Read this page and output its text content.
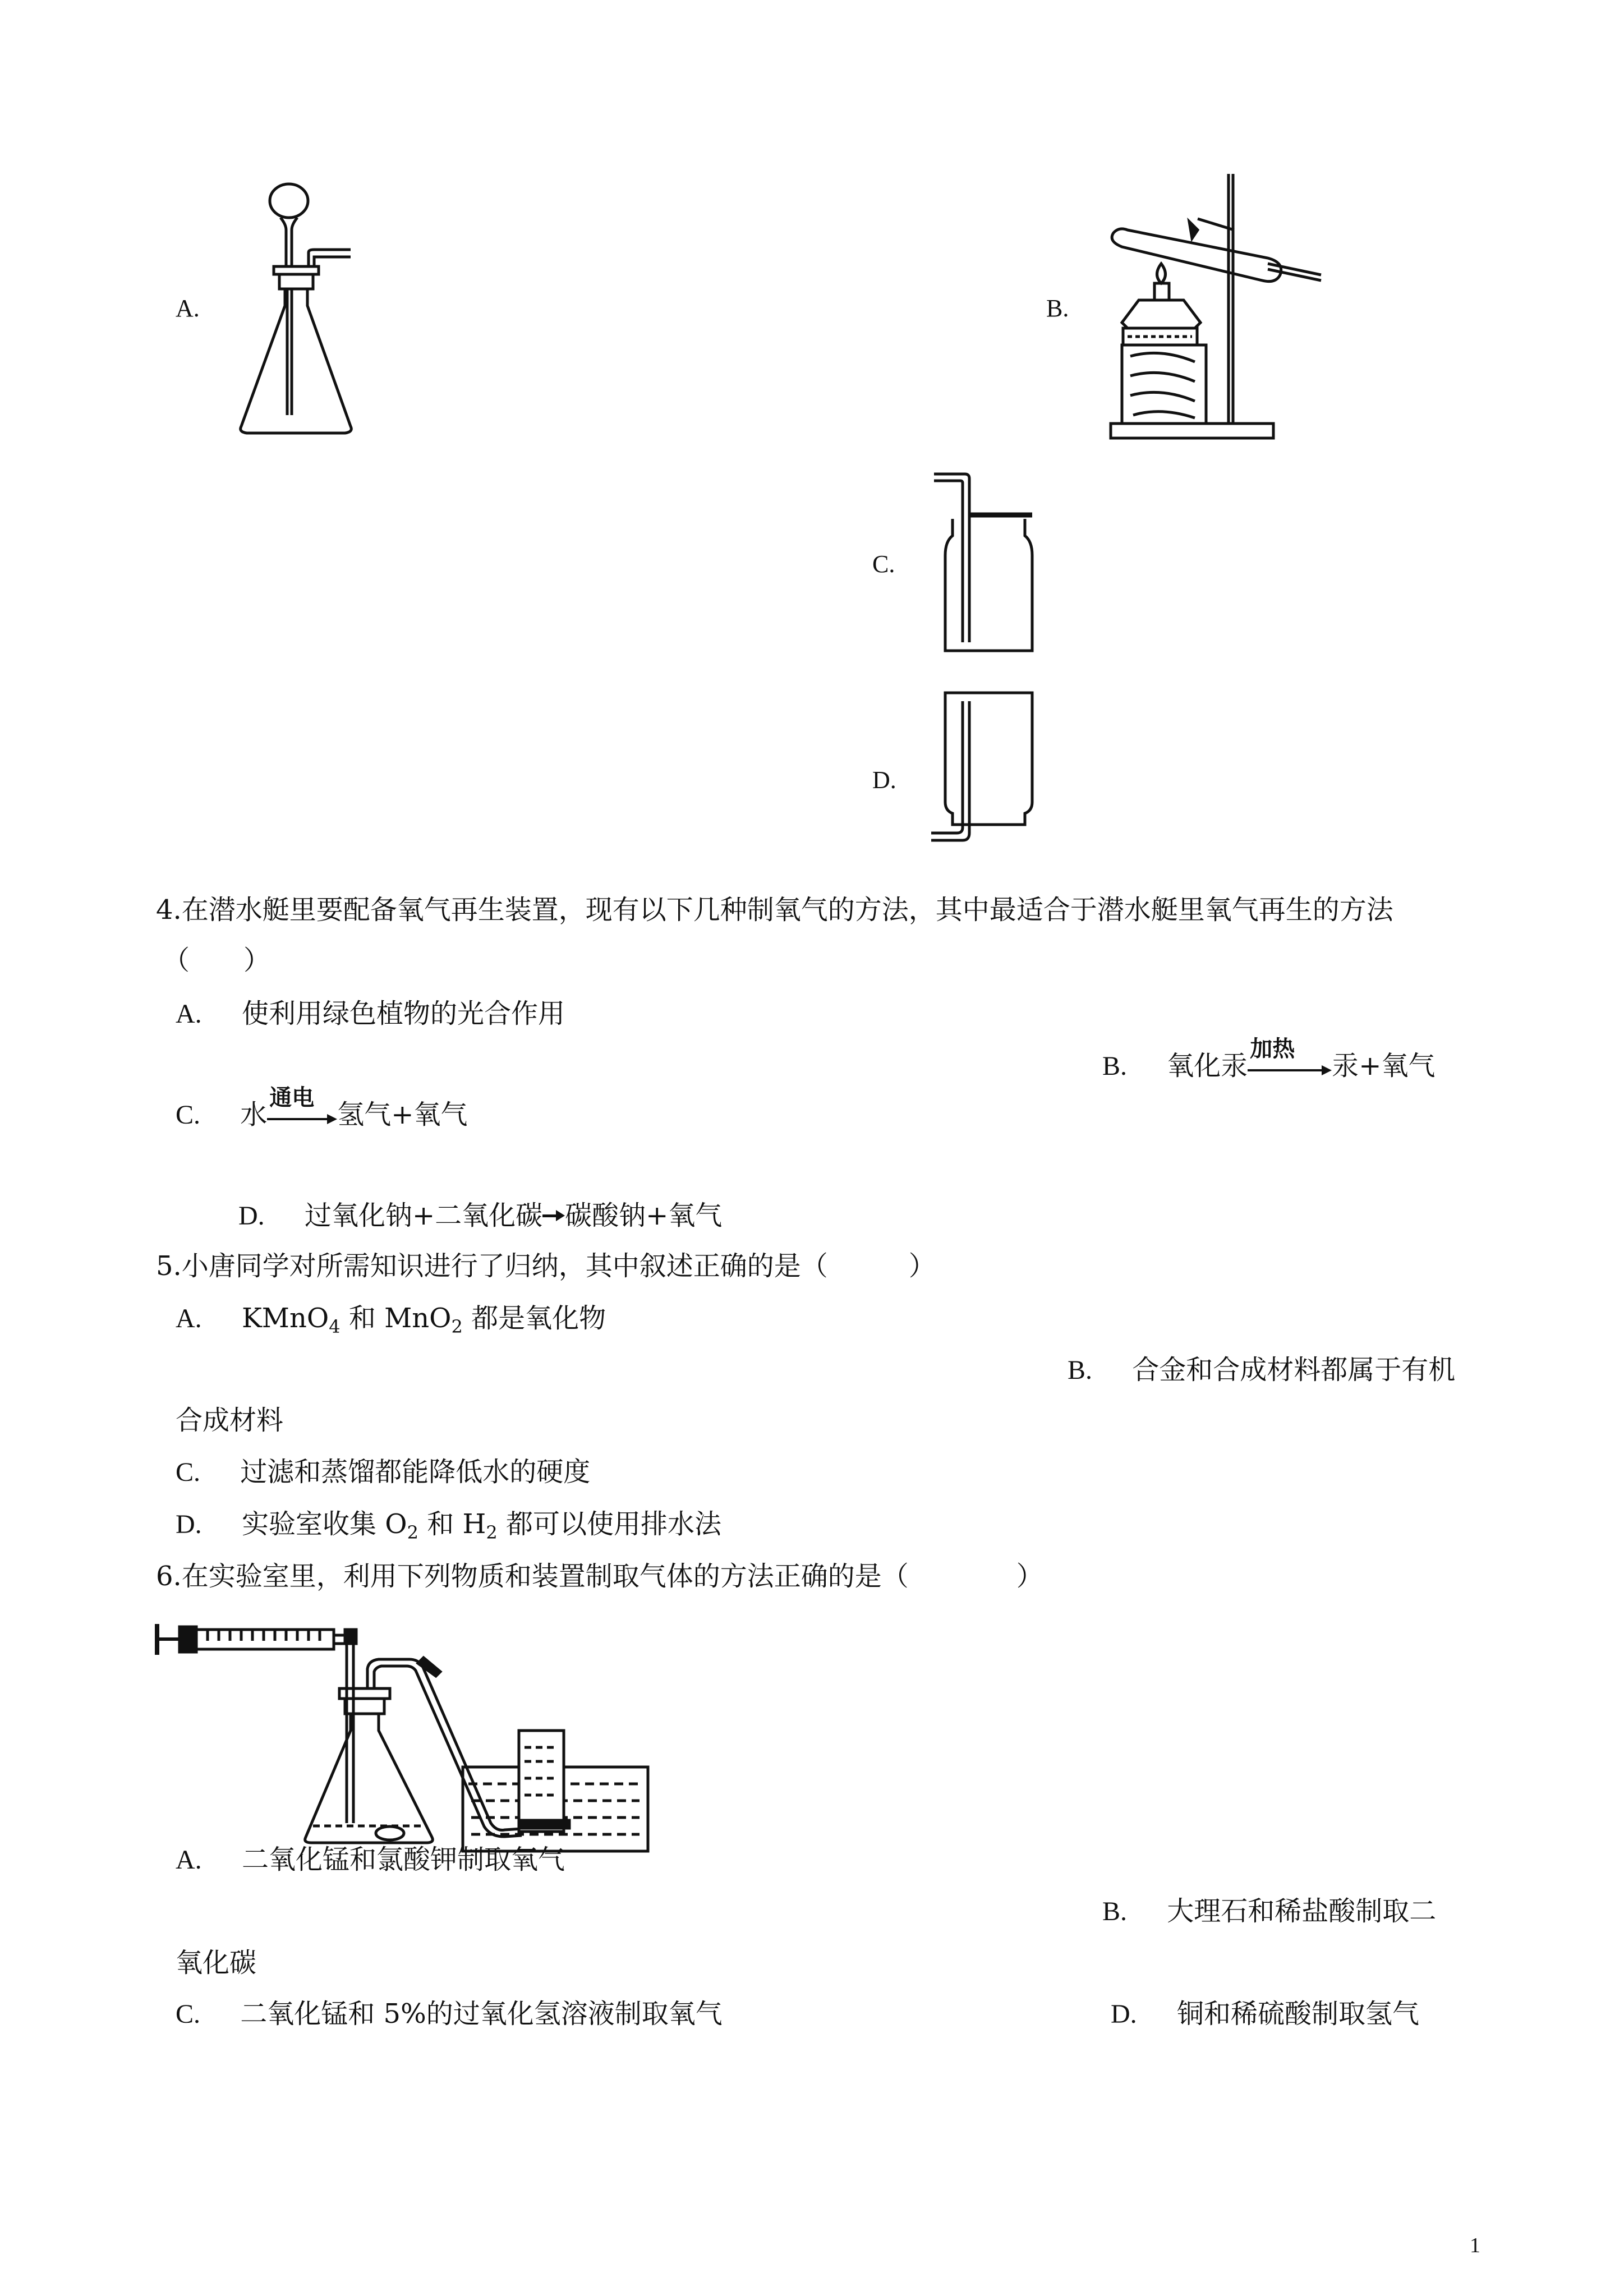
A.	B.
C.
D.
4.在潜水艇里要配备氧气再生装置，现有以下几种制氧气的方法，其中最适合于潜水艇里氧气再生的方法
（　　）
A. 使利用绿色植物的光合作用
B. 氧化汞
加热
汞+氧气
C. 水
通电
氢气+氧气
D. 过氧化钠+二氧化碳 碳酸钠+氧气
5.小唐同学对所需知识进行了归纳，其中叙述正确的是（　　　）
A. KMnO$_4$ 和 MnO$_2$ 都是氧化物
B. 合金和合成材料都属于有机
合成材料
C. 过滤和蒸馏都能降低水的硬度
D. 实验室收集 $O_2$ 和 $H_2$ 都可以使用排水法
6.在实验室里，利用下列物质和装置制取气体的方法正确的是（　　　　）
A. 二氧化锰和氯酸钾制取氧气
B. 大理石和稀盐酸制取二
氧化碳
C. 二氧化锰和 5%的过氧化氢溶液制取氧气	D. 铜和稀硫酸制取氢气
1
